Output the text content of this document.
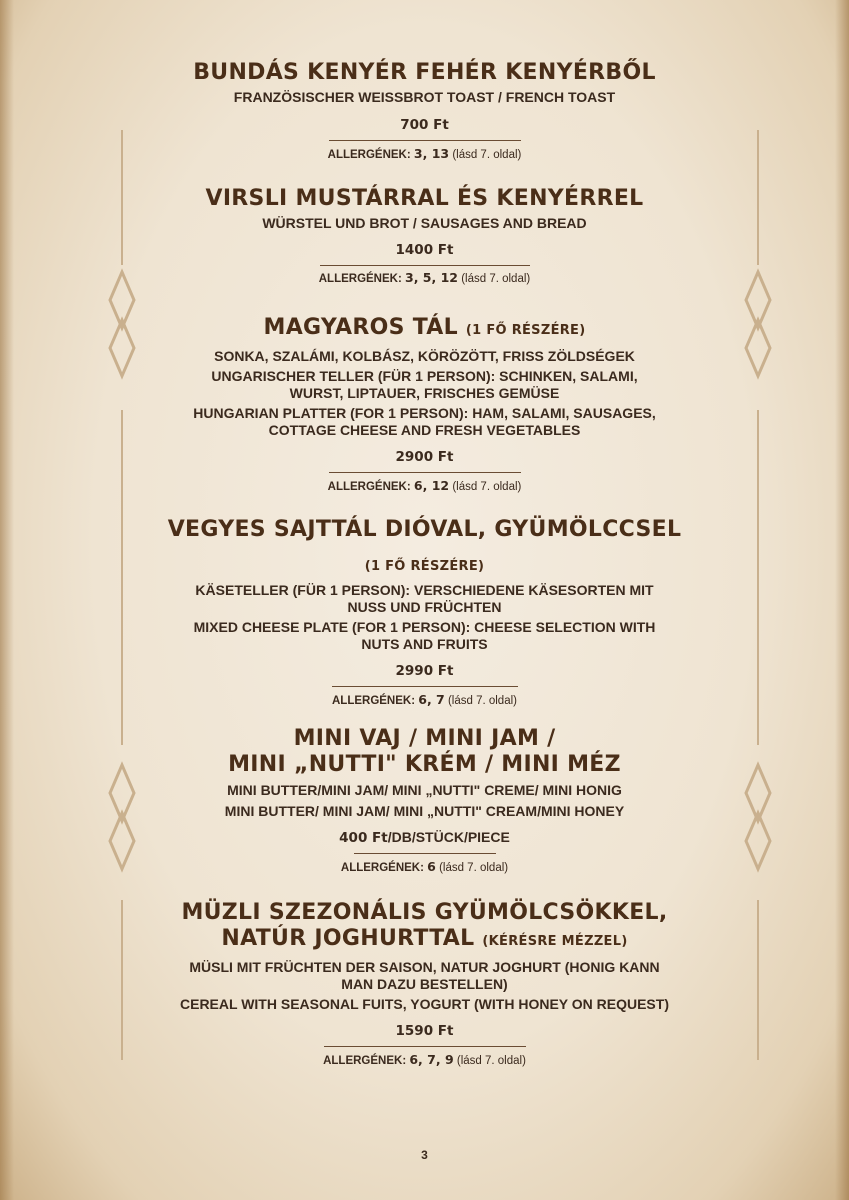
BUNDÁS KENYÉR FEHÉR KENYÉRBŐL
FRANZÖSISCHER WEISSBROT TOAST / FRENCH TOAST
700 Ft
ALLERGÉNEK: 3, 13 (lásd 7. oldal)
VIRSLI MUSTÁRRAL ÉS KENYÉRREL
WÜRSTEL UND BROT / SAUSAGES AND BREAD
1400 Ft
ALLERGÉNEK: 3, 5, 12 (lásd 7. oldal)
MAGYAROS TÁL (1 FŐ RÉSZÉRE)
SONKA, SZALÁMI, KOLBÁSZ, KÖRÖZÖTT, FRISS ZÖLDSÉGEK
UNGARISCHER TELLER (FÜR 1 PERSON): SCHINKEN, SALAMI,
WURST, LIPTAUER, FRISCHES GEMÜSE
HUNGARIAN PLATTER (FOR 1 PERSON): HAM, SALAMI, SAUSAGES,
COTTAGE CHEESE AND FRESH VEGETABLES
2900 Ft
ALLERGÉNEK: 6, 12 (lásd 7. oldal)
VEGYES SAJTTÁL DIÓVAL, GYÜMÖLCCSEL
(1 FŐ RÉSZÉRE)
KÄSETELLER (FÜR 1 PERSON): VERSCHIEDENE KÄSESORTEN MIT
NUSS UND FRÜCHTEN
MIXED CHEESE PLATE (FOR 1 PERSON): CHEESE SELECTION WITH
NUTS AND FRUITS
2990 Ft
ALLERGÉNEK: 6, 7 (lásd 7. oldal)
MINI VAJ / MINI JAM /
MINI „NUTTI" KRÉM / MINI MÉZ
MINI BUTTER/MINI JAM/ MINI „NUTTI" CREME/ MINI HONIG
MINI BUTTER/ MINI JAM/ MINI „NUTTI" CREAM/MINI HONEY
400 Ft/DB/STÜCK/PIECE
ALLERGÉNEK: 6 (lásd 7. oldal)
MÜZLI SZEZONÁLIS GYÜMÖLCSÖKKEL,
NATÚR JOGHURTTAL (KÉRÉSRE MÉZZEL)
MÜSLI MIT FRÜCHTEN DER SAISON, NATUR JOGHURT (HONIG KANN
MAN DAZU BESTELLEN)
CEREAL WITH SEASONAL FUITS, YOGURT (WITH HONEY ON REQUEST)
1590 Ft
ALLERGÉNEK: 6, 7, 9 (lásd 7. oldal)
3
